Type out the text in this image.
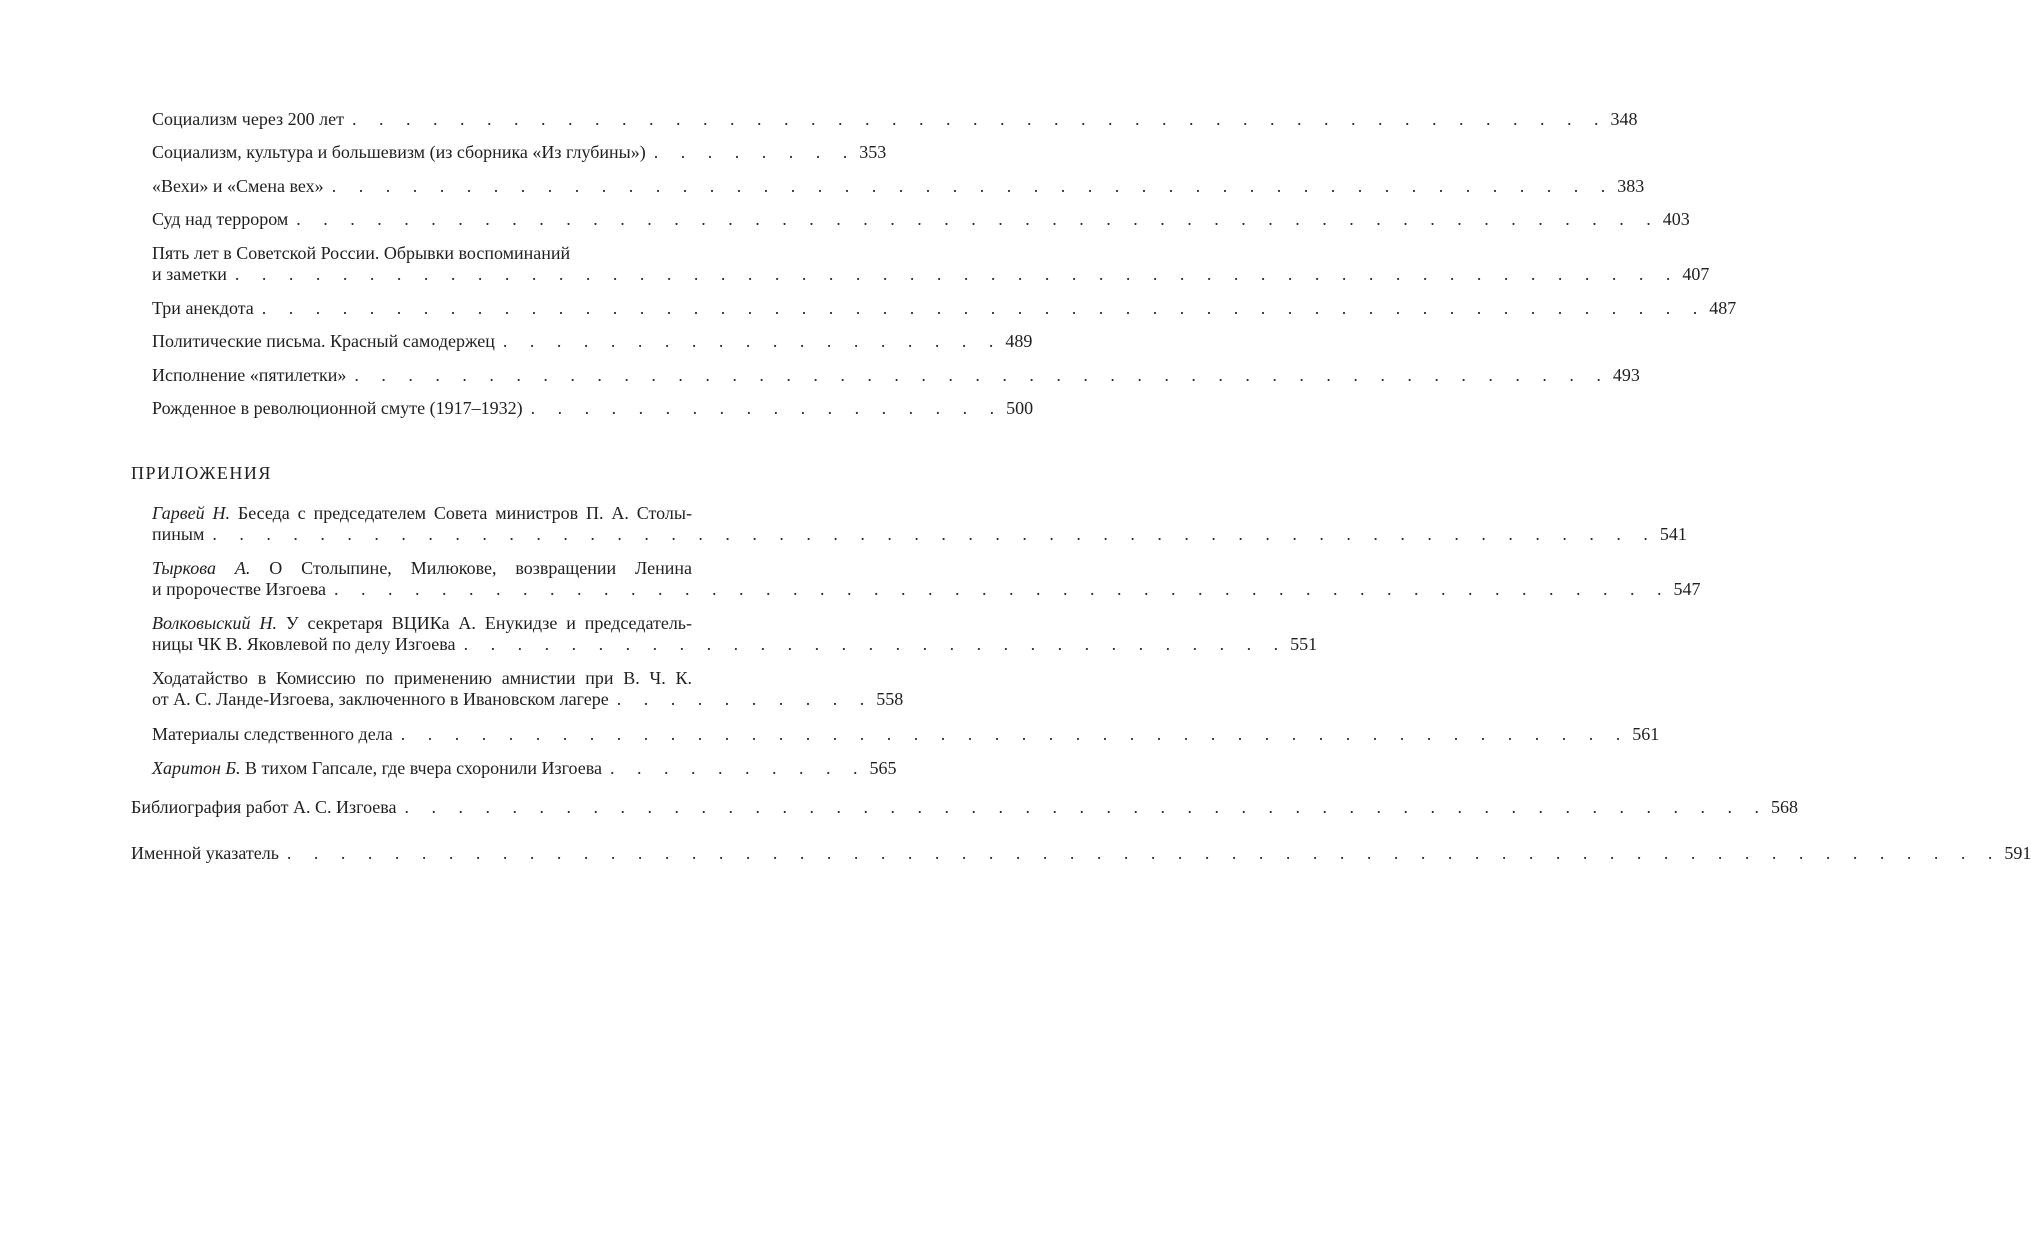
Социализм через 200 лет . . . . . . . . . . . . . . . . . . . . . . . . . . . . . . . . . . . . . . . . . . . . . . . 348
Социализм, культура и большевизм (из сборника «Из глубины») . . . . . . . . 353
«Вехи» и «Смена вех» . . . . . . . . . . . . . . . . . . . . . . . . . . . . . . . . . . . . . . . . . . . . . . . . 383
Суд над террором . . . . . . . . . . . . . . . . . . . . . . . . . . . . . . . . . . . . . . . . . . . . . . . . . . . 403
Пять лет в Советской России. Обрывки воспоминаний
и заметки . . . . . . . . . . . . . . . . . . . . . . . . . . . . . . . . . . . . . . . . . . . . . . . . . . . . . . 407
Три анекдота . . . . . . . . . . . . . . . . . . . . . . . . . . . . . . . . . . . . . . . . . . . . . . . . . . . . . . 487
Политические письма. Красный самодержец . . . . . . . . . . . . . . . . . . . 489
Исполнение «пятилетки» . . . . . . . . . . . . . . . . . . . . . . . . . . . . . . . . . . . . . . . . . . . . . . . 493
Рожденное в революционной смуте (1917–1932) . . . . . . . . . . . . . . . . . . 500
ПРИЛОЖЕНИЯ
Гарвей Н. Беседа с председателем Совета министров П. А. Столы-
пиным . . . . . . . . . . . . . . . . . . . . . . . . . . . . . . . . . . . . . . . . . . . . . . . . . . . . . . 541
Тыркова А. О Столыпине, Милюкове, возвращении Ленина
и пророчестве Изгоева . . . . . . . . . . . . . . . . . . . . . . . . . . . . . . . . . . . . . . . . . . . . . . . . . . 547
Волковыский Н. У секретаря ВЦИКа А. Енукидзе и председатель-
ницы ЧК В. Яковлевой по делу Изгоева . . . . . . . . . . . . . . . . . . . . . . . . . . . . . . . 551
Ходатайство в Комиссию по применению амнистии при В. Ч. К.
от А. С. Ланде-Изгоева, заключенного в Ивановском лагере . . . . . . . . . . 558
Материалы следственного дела . . . . . . . . . . . . . . . . . . . . . . . . . . . . . . . . . . . . . . . . . . . . . . 561
Харитон Б. В тихом Гапсале, где вчера схоронили Изгоева . . . . . . . . . . 565
Библиография работ А. С. Изгоева . . . . . . . . . . . . . . . . . . . . . . . . . . . . . . . . . . . . . . . . . . . . . . . . . . . 568
Именной указатель . . . . . . . . . . . . . . . . . . . . . . . . . . . . . . . . . . . . . . . . . . . . . . . . . . . . . . . . . . . . . . . . 591
